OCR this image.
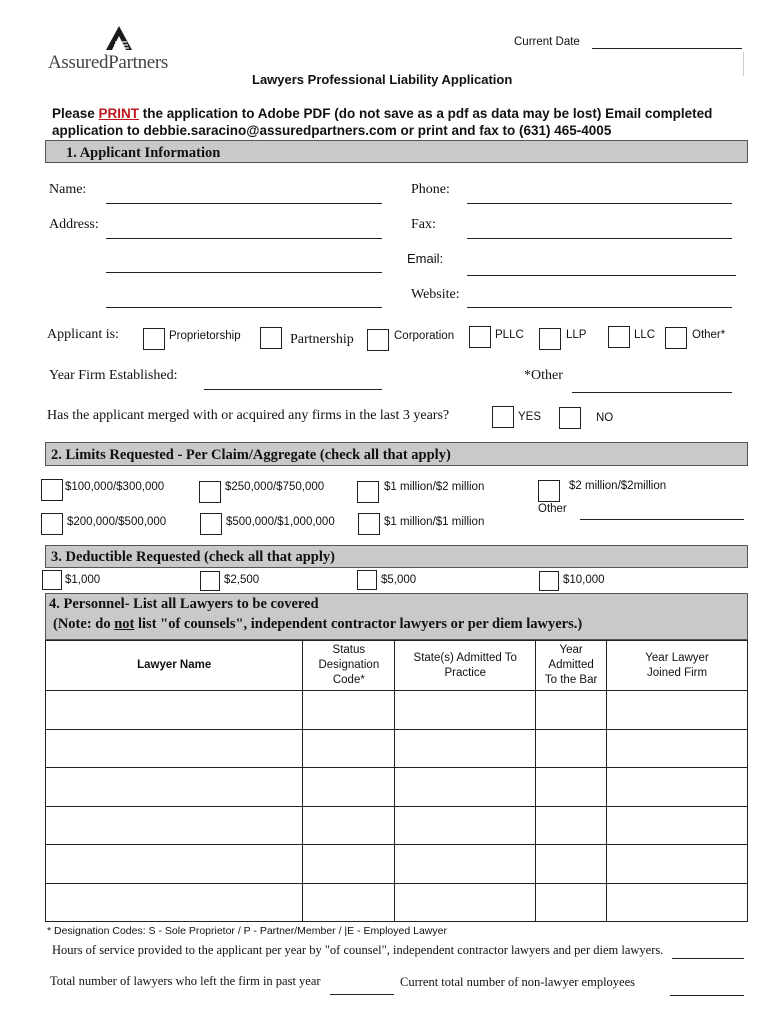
AssuredPartners
Current Date
Lawyers Professional Liability Application
Please PRINT the application to Adobe PDF (do not save as a pdf as data may be lost) Email completed
application to debbie.saracino@assuredpartners.com or print and fax to (631) 465-4005
1. Applicant Information
Name:
Address:
Phone:
Fax:
Email:
Website:
Applicant is:	Proprietorship	Partnership	Corporation	PLLC	LLP	LLC	Other*
Year Firm Established:	*Other
Has the applicant merged with or acquired any firms in the last 3 years?	YES	NO
2. Limits Requested - Per Claim/Aggregate (check all that apply)
$100,000/$300,000	$250,000/$750,000	$1 million/$2 million	$2 million/$2million
$200,000/$500,000	$500,000/$1,000,000	$1 million/$1 million
Other
3. Deductible Requested (check all that apply)
$1,000	$2,500	$5,000	$10,000
4. Personnel- List all Lawyers to be covered
(Note: do not list "of counsels", independent contractor lawyers or per diem lawyers.)
Lawyer Name	Status Designation Code*	State(s) Admitted To Practice	Year Admitted To the Bar	Year Lawyer Joined Firm

* Designation Codes: S - Sole Proprietor / P - Partner/Member / |E - Employed Lawyer
Hours of service provided to the applicant per year by "of counsel", independent contractor lawyers and per diem lawyers.
Total number of lawyers who left the firm in past year	Current total number of non-lawyer employees
